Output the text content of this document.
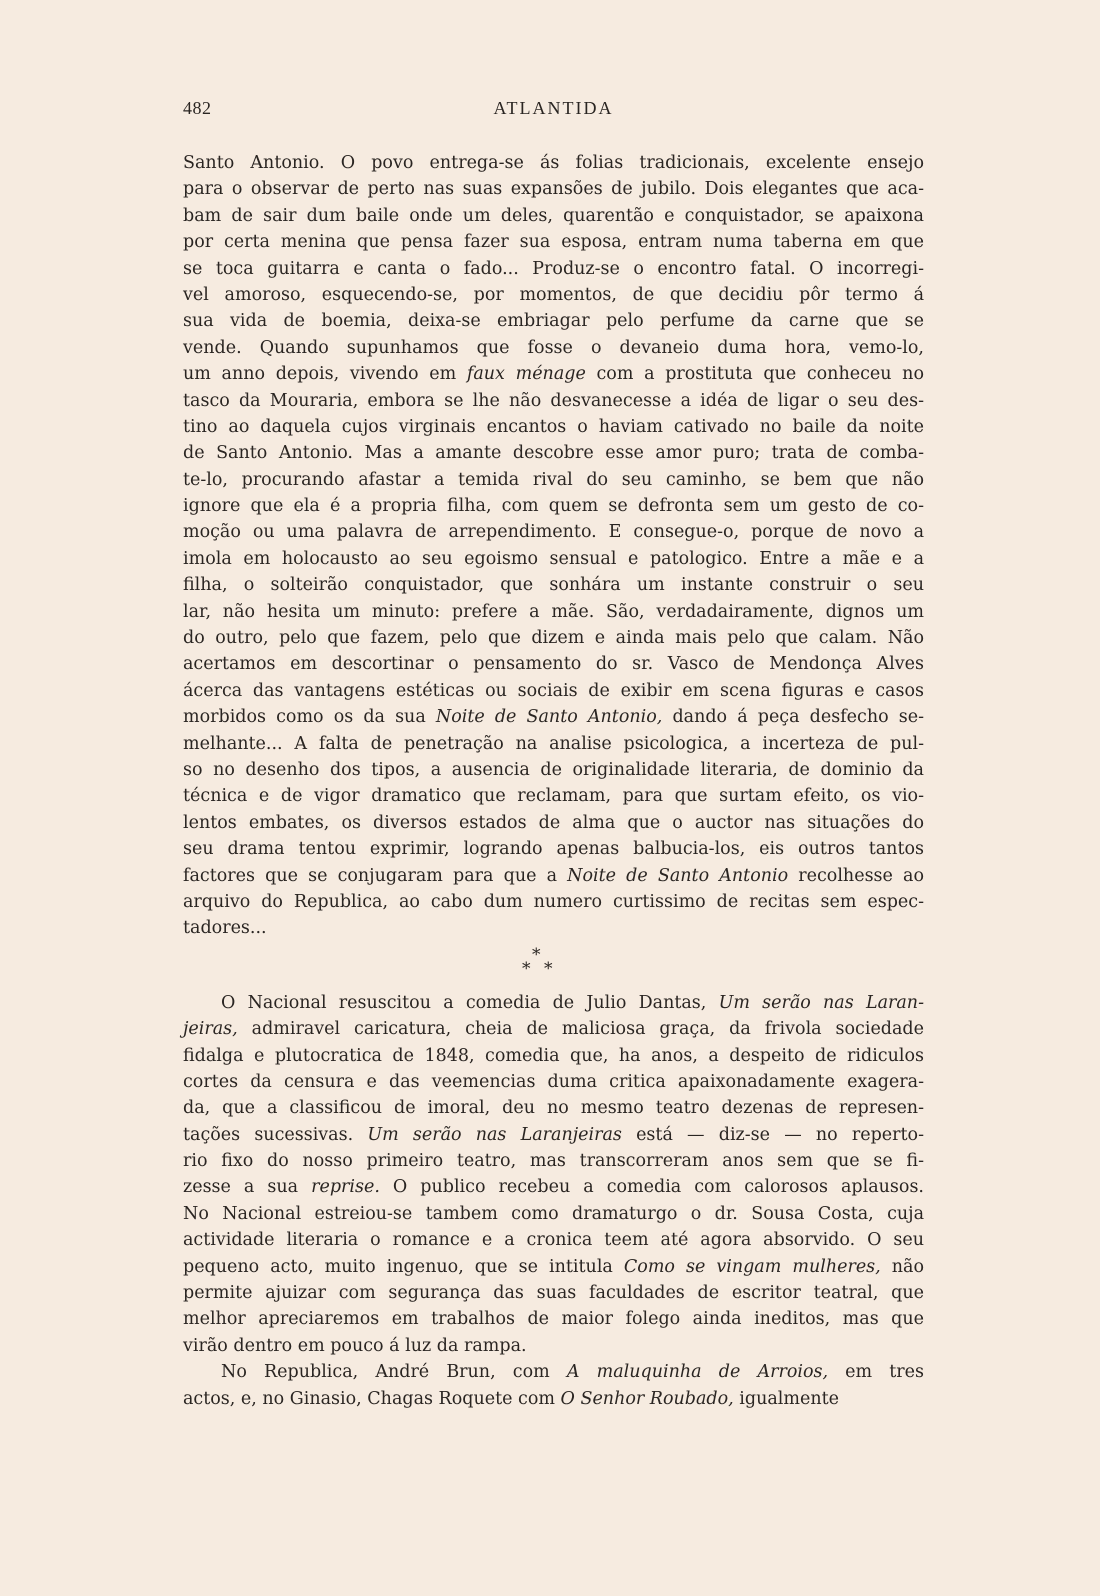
482	ATLANTIDA
Santo Antonio. O povo entrega-se ás folias tradicionais, excelente ensejo
para o observar de perto nas suas expansões de jubilo. Dois elegantes que aca-
bam de sair dum baile onde um deles, quarentão e conquistador, se apaixona
por certa menina que pensa fazer sua esposa, entram numa taberna em que
se toca guitarra e canta o fado... Produz-se o encontro fatal. O incorregi-
vel amoroso, esquecendo-se, por momentos, de que decidiu pôr termo á
sua vida de boemia, deixa-se embriagar pelo perfume da carne que se
vende. Quando supunhamos que fosse o devaneio duma hora, vemo-lo,
um anno depois, vivendo em faux ménage com a prostituta que conheceu no
tasco da Mouraria, embora se lhe não desvanecesse a idéa de ligar o seu des-
tino ao daquela cujos virginais encantos o haviam cativado no baile da noite
de Santo Antonio. Mas a amante descobre esse amor puro; trata de comba-
te-lo, procurando afastar a temida rival do seu caminho, se bem que não
ignore que ela é a propria filha, com quem se defronta sem um gesto de co-
moção ou uma palavra de arrependimento. E consegue-o, porque de novo a
imola em holocausto ao seu egoismo sensual e patologico. Entre a mãe e a
filha, o solteirão conquistador, que sonhára um instante construir o seu
lar, não hesita um minuto: prefere a mãe. São, verdadairamente, dignos um
do outro, pelo que fazem, pelo que dizem e ainda mais pelo que calam. Não
acertamos em descortinar o pensamento do sr. Vasco de Mendonça Alves
ácerca das vantagens estéticas ou sociais de exibir em scena figuras e casos
morbidos como os da sua Noite de Santo Antonio, dando á peça desfecho se-
melhante... A falta de penetração na analise psicologica, a incerteza de pul-
so no desenho dos tipos, a ausencia de originalidade literaria, de dominio da
técnica e de vigor dramatico que reclamam, para que surtam efeito, os vio-
lentos embates, os diversos estados de alma que o auctor nas situações do
seu drama tentou exprimir, logrando apenas balbucia-los, eis outros tantos
factores que se conjugaram para que a Noite de Santo Antonio recolhesse ao
arquivo do Republica, ao cabo dum numero curtissimo de recitas sem espec-
tadores...
*
* *
O Nacional resuscitou a comedia de Julio Dantas, Um serão nas Laran-
jeiras, admiravel caricatura, cheia de maliciosa graça, da frivola sociedade
fidalga e plutocratica de 1848, comedia que, ha anos, a despeito de ridiculos
cortes da censura e das veemencias duma critica apaixonadamente exagera-
da, que a classificou de imoral, deu no mesmo teatro dezenas de represen-
tações sucessivas. Um serão nas Laranjeiras está — diz-se — no reperto-
rio fixo do nosso primeiro teatro, mas transcorreram anos sem que se fi-
zesse a sua reprise. O publico recebeu a comedia com calorosos aplausos.
No Nacional estreiou-se tambem como dramaturgo o dr. Sousa Costa, cuja
actividade literaria o romance e a cronica teem até agora absorvido. O seu
pequeno acto, muito ingenuo, que se intitula Como se vingam mulheres, não
permite ajuizar com segurança das suas faculdades de escritor teatral, que
melhor apreciaremos em trabalhos de maior folego ainda ineditos, mas que
virão dentro em pouco á luz da rampa.
No Republica, André Brun, com A maluquinha de Arroios, em tres
actos, e, no Ginasio, Chagas Roquete com O Senhor Roubado, igualmente
